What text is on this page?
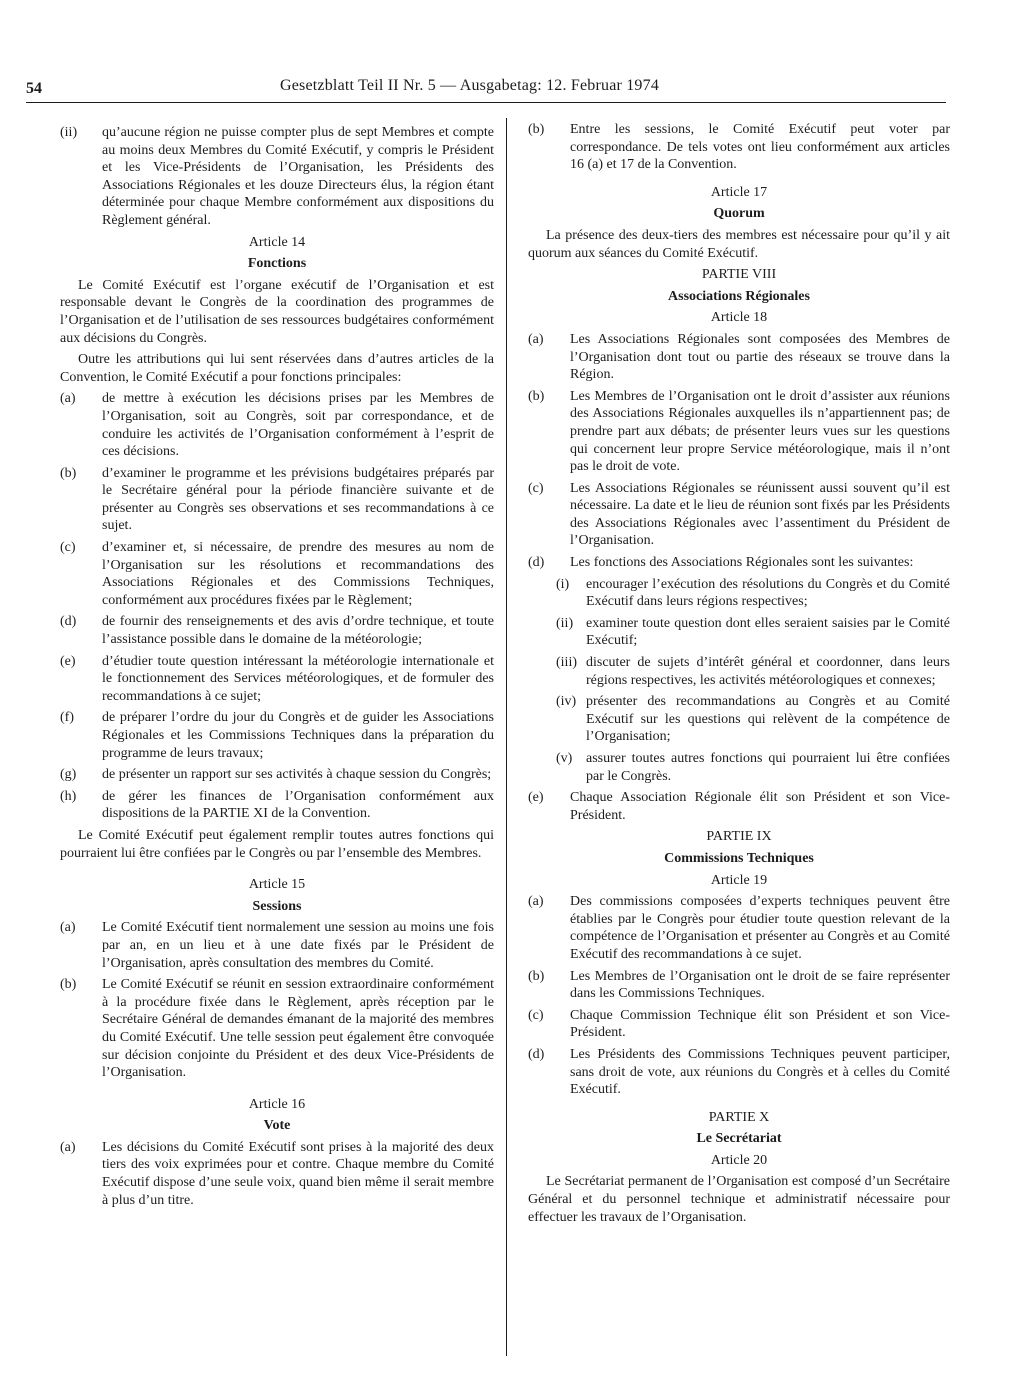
54	Gesetzblatt Teil II Nr. 5 — Ausgabetag: 12. Februar 1974
(ii)	qu’aucune région ne puisse compter plus de sept Membres et compte au moins deux Membres du Comité Exécutif, y compris le Président et les Vice-Présidents de l’Organisation, les Présidents des Associations Régionales et les douze Directeurs élus, la région étant déterminée pour chaque Membre conformément aux dispositions du Règlement général.

Article 14

Fonctions

Le Comité Exécutif est l’organe exécutif de l’Organisation et est responsable devant le Congrès de la coordination des programmes de l’Organisation et de l’utilisation de ses ressources budgétaires conformément aux décisions du Congrès.

Outre les attributions qui lui sent réservées dans d’autres articles de la Convention, le Comité Exécutif a pour fonctions principales:

(a)	de mettre à exécution les décisions prises par les Membres de l’Organisation, soit au Congrès, soit par correspondance, et de conduire les activités de l’Organisation conformément à l’esprit de ces décisions.
(b)	d’examiner le programme et les prévisions budgétaires préparés par le Secrétaire général pour la période financière suivante et de présenter au Congrès ses observations et ses recommandations à ce sujet.
(c)	d’examiner et, si nécessaire, de prendre des mesures au nom de l’Organisation sur les résolutions et recommandations des Associations Régionales et des Commissions Techniques, conformément aux procédures fixées par le Règlement;
(d)	de fournir des renseignements et des avis d’ordre technique, et toute l’assistance possible dans le domaine de la météorologie;
(e)	d’étudier toute question intéressant la météorologie internationale et le fonctionnement des Services météorologiques, et de formuler des recommandations à ce sujet;
(f)	de préparer l’ordre du jour du Congrès et de guider les Associations Régionales et les Commissions Techniques dans la préparation du programme de leurs travaux;
(g)	de présenter un rapport sur ses activités à chaque session du Congrès;
(h)	de gérer les finances de l’Organisation conformément aux dispositions de la PARTIE XI de la Convention.

Le Comité Exécutif peut également remplir toutes autres fonctions qui pourraient lui être confiées par le Congrès ou par l’ensemble des Membres.

Article 15

Sessions

(a)	Le Comité Exécutif tient normalement une session au moins une fois par an, en un lieu et à une date fixés par le Président de l’Organisation, après consultation des membres du Comité.
(b)	Le Comité Exécutif se réunit en session extraordinaire conformément à la procédure fixée dans le Règlement, après réception par le Secrétaire Général de demandes émanant de la majorité des membres du Comité Exécutif. Une telle session peut également être convoquée sur décision conjointe du Président et des deux Vice-Présidents de l’Organisation.

Article 16

Vote

(a)	Les décisions du Comité Exécutif sont prises à la majorité des deux tiers des voix exprimées pour et contre. Chaque membre du Comité Exécutif dispose d’une seule voix, quand bien même il serait membre à plus d’un titre.
(b)	Entre les sessions, le Comité Exécutif peut voter par correspondance. De tels votes ont lieu conformément aux articles 16 (a) et 17 de la Convention.

Article 17

Quorum

La présence des deux-tiers des membres est nécessaire pour qu’il y ait quorum aux séances du Comité Exécutif.

PARTIE VIII

Associations Régionales

Article 18

(a)	Les Associations Régionales sont composées des Membres de l’Organisation dont tout ou partie des réseaux se trouve dans la Région.
(b)	Les Membres de l’Organisation ont le droit d’assister aux réunions des Associations Régionales auxquelles ils n’appartiennent pas; de prendre part aux débats; de présenter leurs vues sur les questions qui concernent leur propre Service météorologique, mais il n’ont pas le droit de vote.
(c)	Les Associations Régionales se réunissent aussi souvent qu’il est nécessaire. La date et le lieu de réunion sont fixés par les Présidents des Associations Régionales avec l’assentiment du Président de l’Organisation.
(d)	Les fonctions des Associations Régionales sont les suivantes:
(i)	encourager l’exécution des résolutions du Congrès et du Comité Exécutif dans leurs régions respectives;
(ii) examiner toute question dont elles seraient saisies par le Comité Exécutif;
(iii) discuter de sujets d’intérêt général et coordonner, dans leurs régions respectives, les activités météorologiques et connexes;
(iv) présenter des recommandations au Congrès et au Comité Exécutif sur les questions qui relèvent de la compétence de l’Organisation;
(v) assurer toutes autres fonctions qui pourraient lui être confiées par le Congrès.
(e)	Chaque Association Régionale élit son Président et son Vice-Président.

PARTIE IX

Commissions Techniques

Article 19

(a)	Des commissions composées d’experts techniques peuvent être établies par le Congrès pour étudier toute question relevant de la compétence de l’Organisation et présenter au Congrès et au Comité Exécutif des recommandations à ce sujet.
(b)	Les Membres de l’Organisation ont le droit de se faire représenter dans les Commissions Techniques.
(c)	Chaque Commission Technique élit son Président et son Vice-Président.
(d)	Les Présidents des Commissions Techniques peuvent participer, sans droit de vote, aux réunions du Congrès et à celles du Comité Exécutif.

PARTIE X

Le Secrétariat

Article 20

Le Secrétariat permanent de l’Organisation est composé d’un Secrétaire Général et du personnel technique et administratif nécessaire pour effectuer les travaux de l’Organisation.
